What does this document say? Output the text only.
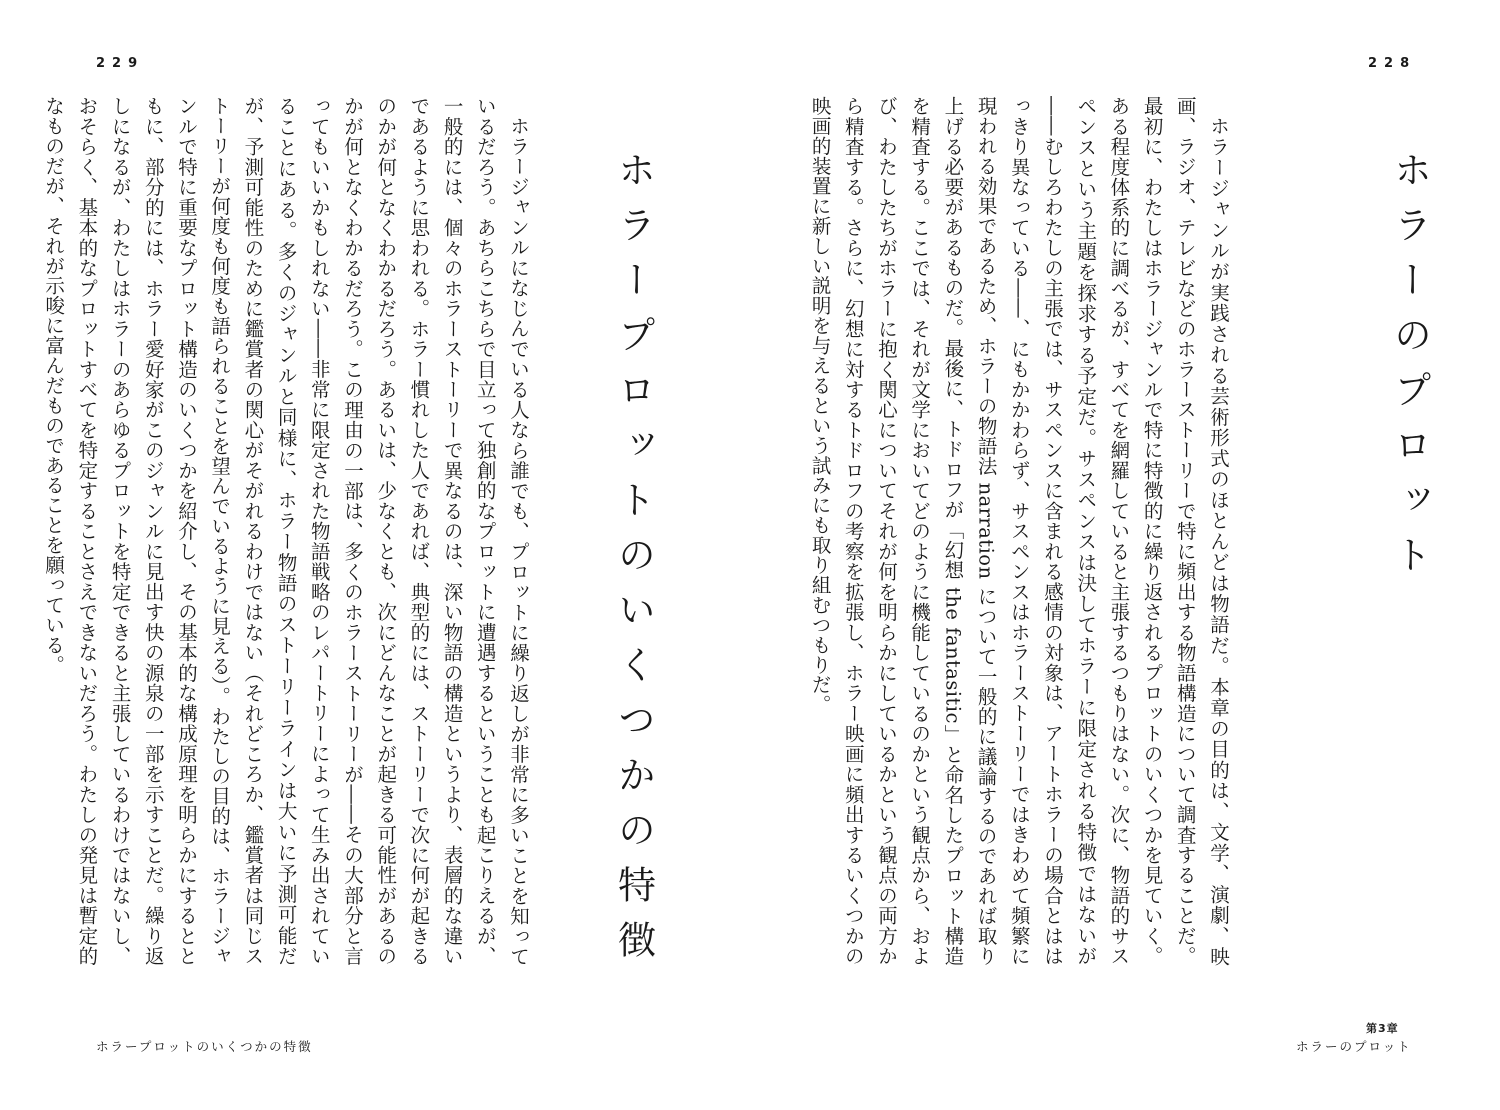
229	228
ホラーのプロット

ホラージャンルが実践される芸術形式のほとんどは物語だ。本章の目的は、文学、演劇、映画、ラジオ、テレビなどのホラーストーリーで特に頻出する物語構造について調査することだ。最初に、わたしはホラージャンルで特に特徴的に繰り返されるプロットのいくつかを見ていく。ある程度体系的に調べるが、すべてを網羅していると主張するつもりはない。次に、物語的サスペンスという主題を探求する予定だ。サスペンスは決してホラーに限定される特徴ではないが――むしろわたしの主張では、サスペンスに含まれる感情の対象は、アートホラーの場合とははっきり異なっている――、にもかかわらず、サスペンスはホラーストーリーではきわめて頻繁に現われる効果であるため、ホラーの物語法 narration について一般的に議論するのであれば取り上げる必要があるものだ。最後に、トドロフが「幻想 the fantasitic」と命名したプロット構造を精査する。ここでは、それが文学においてどのように機能しているのかという観点から、および、わたしたちがホラーに抱く関心についてそれが何を明らかにしているかという観点の両方から精査する。さらに、幻想に対するトドロフの考察を拡張し、ホラー映画に頻出するいくつかの映画的装置に新しい説明を与えるという試みにも取り組むつもりだ。

ホラープロットのいくつかの特徴

ホラージャンルになじんでいる人なら誰でも、プロットに繰り返しが非常に多いことを知っているだろう。あちらこちらで目立って独創的なプロットに遭遇するということも起こりえるが、一般的には、個々のホラーストーリーで異なるのは、深い物語の構造というより、表層的な違いであるように思われる。ホラー慣れした人であれば、典型的には、ストーリーで次に何が起きるのかが何となくわかるだろう。あるいは、少なくとも、次にどんなことが起きる可能性があるのかが何となくわかるだろう。この理由の一部は、多くのホラーストーリーが――その大部分と言ってもいいかもしれない――非常に限定された物語戦略のレパートリーによって生み出されていることにある。多くのジャンルと同様に、ホラー物語のストーリーラインは大いに予測可能だが、予測可能性のために鑑賞者の関心がそがれるわけではない（それどころか、鑑賞者は同じストーリーが何度も何度も語られることを望んでいるように見える）。わたしの目的は、ホラージャンルで特に重要なプロット構造のいくつかを紹介し、その基本的な構成原理を明らかにするとともに、部分的には、ホラー愛好家がこのジャンルに見出す快の源泉の一部を示すことだ。繰り返しになるが、わたしはホラーのあらゆるプロットを特定できると主張しているわけではないし、おそらく、基本的なプロットすべてを特定することさえできないだろう。わたしの発見は暫定的なものだが、それが示唆に富んだものであることを願っている。

ホラープロットのいくつかの特徴
第3章
ホラーのプロット
